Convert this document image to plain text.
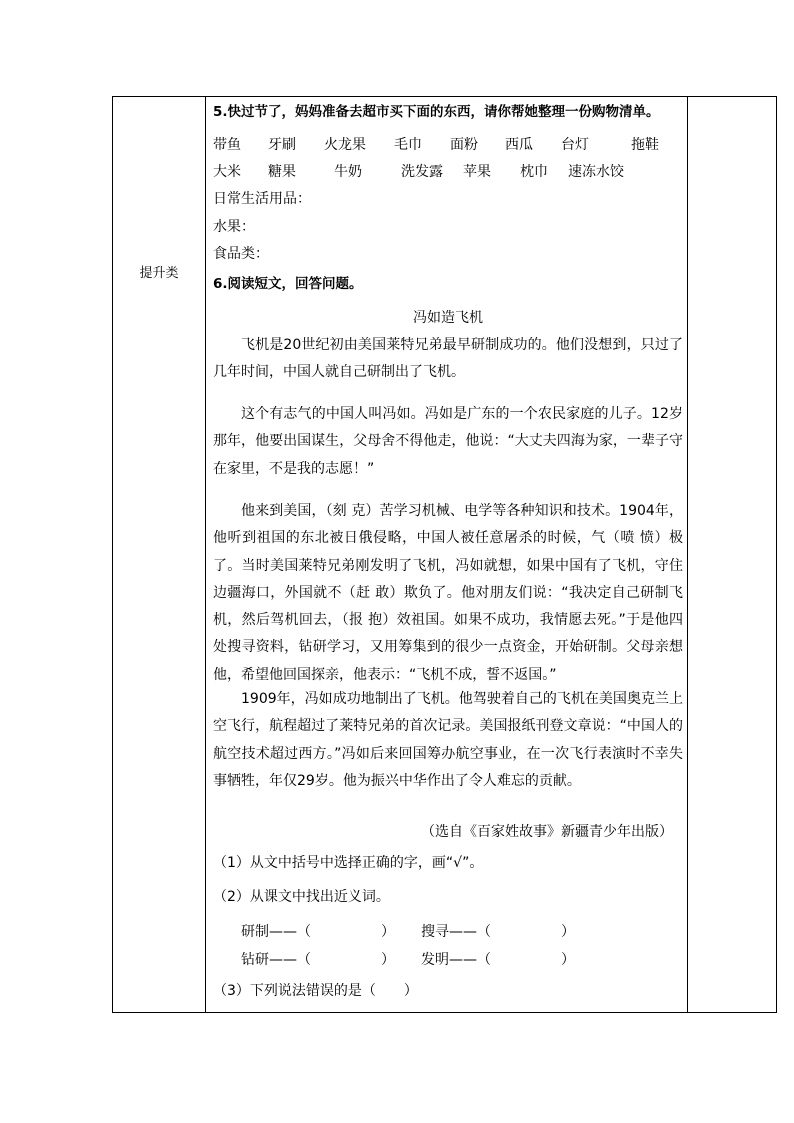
提升类
5.快过节了，妈妈准备去超市买下面的东西，请你帮她整理一份购物清单。
带鱼 牙刷 火龙果 毛巾 面粉 西瓜 台灯	拖鞋
大米 糖果	牛奶	洗发露 苹果 枕巾 速冻水饺
日常生活用品：
水果：
食品类：
6.阅读短文，回答问题。
冯如造飞机
飞机是20世纪初由美国莱特兄弟最早研制成功的。他们没想到，只过了几年时间，中国人就自己研制出了飞机。
这个有志气的中国人叫冯如。冯如是广东的一个农民家庭的儿子。12岁那年，他要出国谋生，父母舍不得他走，他说：“大丈夫四海为家，一辈子守在家里，不是我的志愿！”
他来到美国，（刻 克）苦学习机械、电学等各种知识和技术。1904年，他听到祖国的东北被日俄侵略，中国人被任意屠杀的时候，气（喷 愤）极了。当时美国莱特兄弟刚发明了飞机，冯如就想，如果中国有了飞机，守住边疆海口，外国就不（赶 敢）欺负了。他对朋友们说：“我决定自己研制飞机，然后驾机回去，（报 抱）效祖国。如果不成功，我情愿去死。”于是他四处搜寻资料，钻研学习，又用筹集到的很少一点资金，开始研制。父母亲想他，希望他回国探亲，他表示：“飞机不成，誓不返国。”
1909年，冯如成功地制出了飞机。他驾驶着自己的飞机在美国奥克兰上空飞行，航程超过了莱特兄弟的首次记录。美国报纸刊登文章说：“中国人的航空技术超过西方。”冯如后来回国筹办航空事业，在一次飞行表演时不幸失事牺牲，年仅29岁。他为振兴中华作出了令人难忘的贡献。
（选自《百家姓故事》新疆青少年出版）
（1）从文中括号中选择正确的字，画“√”。
（2）从课文中找出近义词。
研制——（　　　　　） 搜寻——（　　　　　）
钻研——（　　　　　） 发明——（　　　　　）
（3）下列说法错误的是（　　）
